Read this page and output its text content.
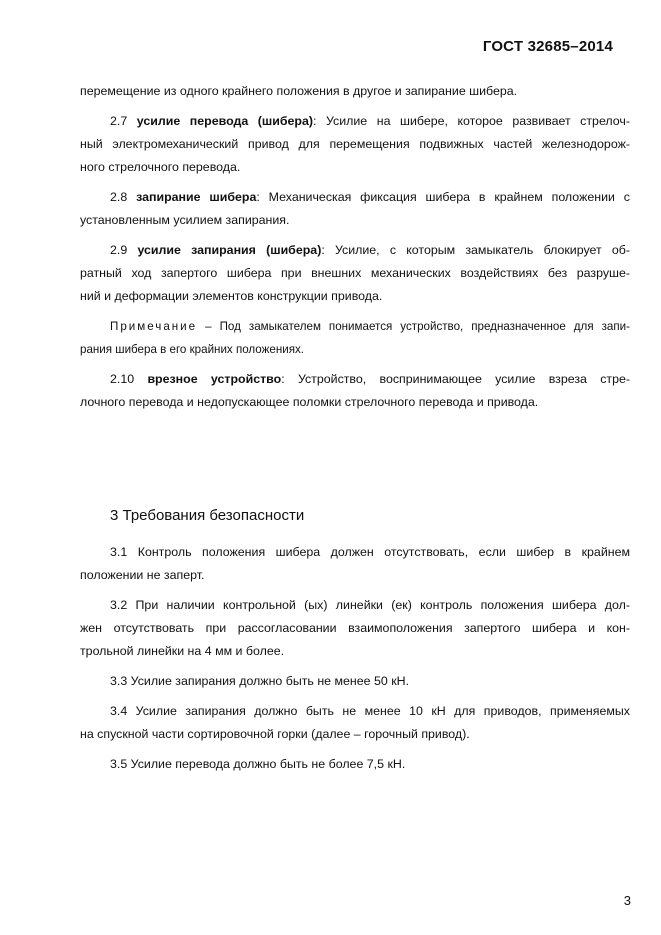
ГОСТ 32685–2014
перемещение из одного крайнего положения в другое и запирание шибера.
2.7 усилие перевода (шибера): Усилие на шибере, которое развивает стрелоч-
ный электромеханический привод для перемещения подвижных частей железнодорож-
ного стрелочного перевода.
2.8 запирание шибера: Механическая фиксация шибера в крайнем положении с
установленным усилием запирания.
2.9 усилие запирания (шибера): Усилие, с которым замыкатель блокирует об-
ратный ход запертого шибера при внешних механических воздействиях без разруше-
ний и деформации элементов конструкции привода.
Примечание – Под замыкателем понимается устройство, предназначенное для запи-
рания шибера в его крайних положениях.
2.10 врезное устройство: Устройство, воспринимающее усилие взреза стре-
лочного перевода и недопускающее поломки стрелочного перевода и привода.
3 Требования безопасности
3.1 Контроль положения шибера должен отсутствовать, если шибер в крайнем
положении не заперт.
3.2 При наличии контрольной (ых) линейки (ек) контроль положения шибера дол-
жен отсутствовать при рассогласовании взаимоположения запертого шибера и кон-
трольной линейки на 4 мм и более.
3.3 Усилие запирания должно быть не менее 50 кН.
3.4 Усилие запирания должно быть не менее 10 кН для приводов, применяемых
на спускной части сортировочной горки (далее – горочный привод).
3.5 Усилие перевода должно быть не более 7,5 кН.
3
